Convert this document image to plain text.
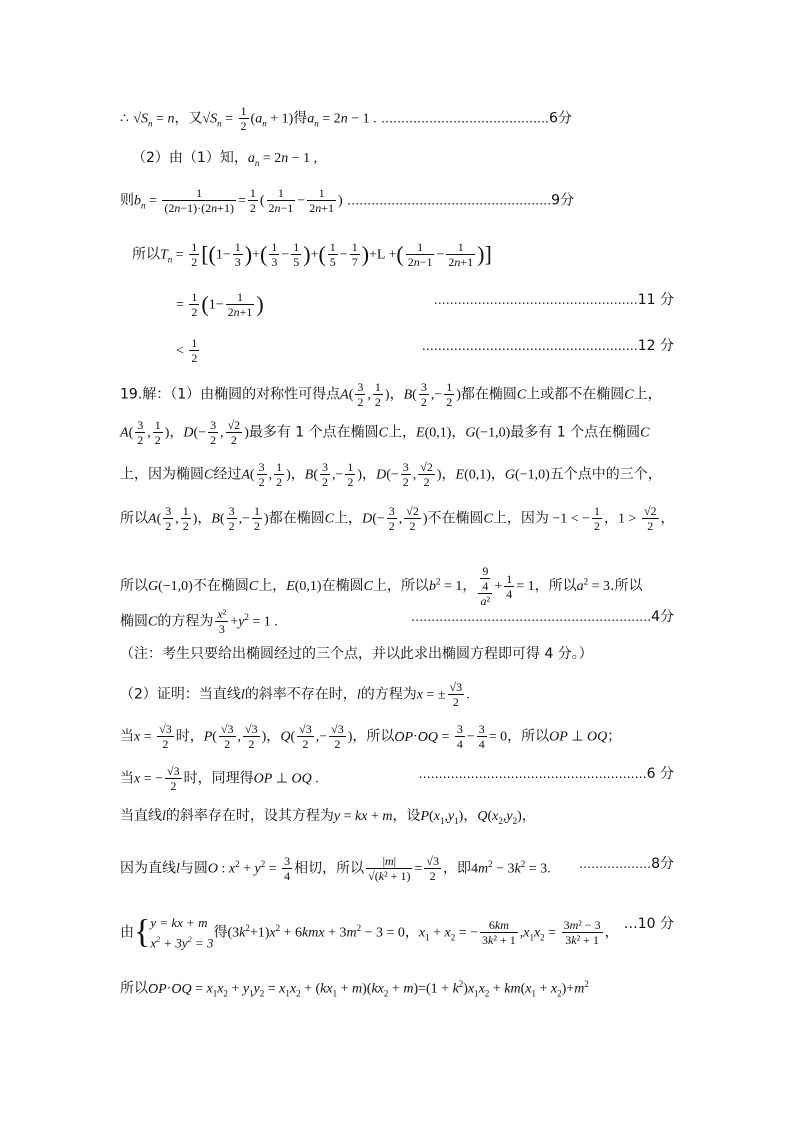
∴ $√S_n = n$，又$√S_n = \frac{1}{2} (a_n + 1)$得$a_n = 2n - 1$ . ……………………………………6分
（2）由（1）知，$a_n = 2n - 1$ ,
则$b_n = \frac{1}{(2n-1)\cdot(2n+1)} = \frac{1}{2}$ ( $\frac{1}{2n-1} - \frac{1}{2n+1}$ ) ……………………………………………9分
所以$T_n = \frac{1}{2} [(1- \frac{1}{3}$ )+( $\frac{1}{3} - \frac{1}{5}$ )+( $\frac{1}{5} - \frac{1}{7} )+L$ +( $\frac{1}{2n-1} - \frac{1}{2n+1}$ )]
= $\frac{1}{2} (1- \frac{1}{2n+1}$ )	……………………………………………11 分
< $\frac{1}{2}$	………………………………………………12 分
19.解：（1）由椭圆的对称性可得点$A( \frac{3}{2}$ , $\frac{1}{2}$ )，$B( \frac{3}{2}$ ,− $\frac{1}{2}$ )都在椭圆C上或都不在椭圆C上，
$A( \frac{3}{2}$ , $\frac{1}{2}$ )，$D(- \frac{3}{2}$ , $\frac{√2}{2}$ )最多有 1 个点在椭圆C上，E(0,1)，G(−1,0)最多有 1 个点在椭圆C
上，因为椭圆C经过$A( \frac{3}{2}$ , $\frac{1}{2}$ )，$B( \frac{3}{2}$ ,− $\frac{1}{2}$ )，$D(- \frac{3}{2}$ , $\frac{√2}{2}$ )，E(0,1)，G(−1,0)五个点中的三个，
所以$A( \frac{3}{2}$ , $\frac{1}{2}$ )，$B( \frac{3}{2}$ ,− $\frac{1}{2}$ )都在椭圆C上，$D(- \frac{3}{2}$ , $\frac{√2}{2}$ )不在椭圆C上，因为 −1 < − $\frac{1}{2}$ ，$1 > \frac{√2}{2}$ ，
所以G(−1,0)不在椭圆C上，E(0,1)在椭圆C上，所以$b^2 = 1$， $\frac{\frac{9}{4}}{\text{a²}} + \frac{1}{4} = 1$，所以$a^2 = 3$.所以
椭圆C的方程为 $\frac{\text{x²}}{3} +y^2 = 1$ .	……………………………………………………4分
（注：考生只要给出椭圆经过的三个点，并以此求出椭圆方程即可得 4 分。）
（2）证明：当直线l的斜率不存在时，l的方程为x = ± $\frac{√3}{2}$ .
当$x = \frac{√3}{2}$ 时，$P( \frac{√3}{2}$ , $\frac{√3}{2}$ )，$Q( \frac{√3}{2}$ ,− $\frac{√3}{2}$ )，所以→ OP·→ OQ = $\frac{3}{4} - \frac{3}{4} = 0$，所以OP ⊥ OQ；
当x = − $\frac{√3}{2}$ 时，同理得OP ⊥ OQ .	…………………………………………………6 分
当直线l的斜率存在时，设其方程为y = kx + m，设$P(x_1,y_1)$，$Q(x_2,y_2)$，
因为直线l与圆O : $x^2 + y^2 = \frac{3}{4}$ 相切，所以 $\frac{|m|}{\text{√(k² + 1)}} = \frac{√3}{2}$ ，即$4m^2 - 3k^2 = 3$. ………………8分
由{ y = kx + m
$x^2 + 3y^2 = 3$
得$(3k^2+1)x^2 + 6kmx + 3m^2 - 3 = 0$，$x_1 + x_2$ = − $\frac{6km}{\text{3k² + 1}} ,x_1x_2 = \frac{\text{3m² − 3}}{\text{3k² + 1}}$ ，
…10 分
所以→ OP·→ OQ = $x_1x_2 + y_1y_2 = x_1x_2 + (kx_1 + m)(kx_2 + m)=(1 + k^2)x_1x_2 + km(x_1 + x_2)+m^2$
